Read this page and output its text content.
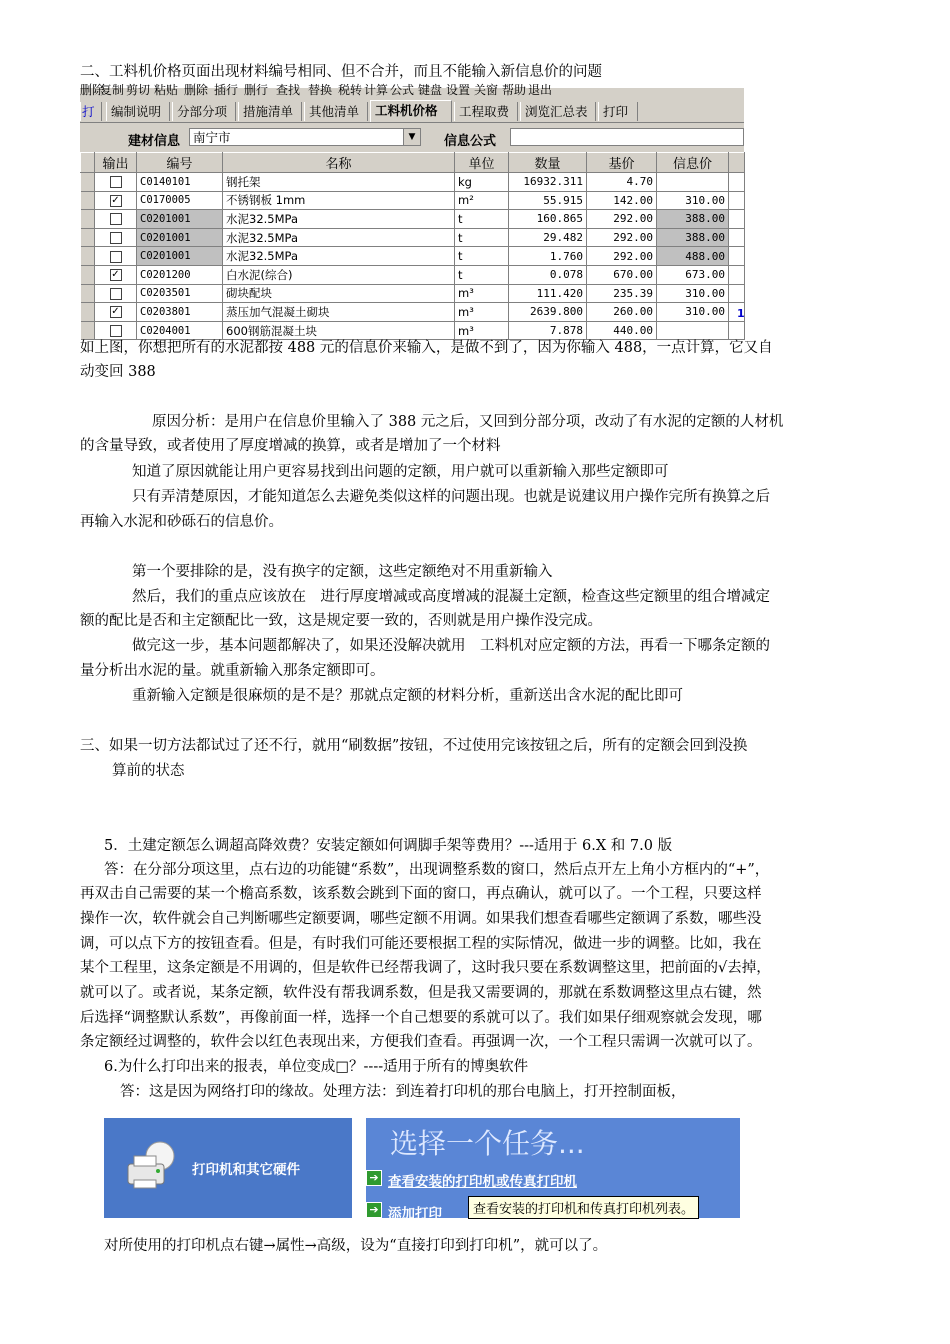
二、工料机价格页面出现材料编号相同、但不合并，而且不能输入新信息价的问题
删除
复制 剪切 粘贴 删除 插行 删行 查找 替换 税转 计算 公式 键盘 设置 关窗 帮助 退出
打	编制说明	分部分项	措施清单	其他清单	工料机价格	工程取费	浏览汇总表	打印
建材信息	南宁市	▼	信息公式
	输出	编号	名称	单位	数量	基价	信息价	
		C0140101	钢托架	kg	16932.311	4.70		
	✓	C0170005	不锈钢板 1mm	m²	55.915	142.00	310.00	
		C0201001	水泥32.5MPa	t	160.865	292.00	388.00	
		C0201001	水泥32.5MPa	t	29.482	292.00	388.00	
		C0201001	水泥32.5MPa	t	1.760	292.00	488.00	
	✓	C0201200	白水泥(综合)	t	0.078	670.00	673.00	
		C0203501	砌块配块	m³	111.420	235.39	310.00	
	✓	C0203801	蒸压加气混凝土砌块	m³	2639.800	260.00	310.00	
		C0204001	600钢筋混凝土块	m³	7.878	440.00		
1
如上图，你想把所有的水泥都按 488 元的信息价来输入，是做不到了，因为你输入 488，一点计算，它又自
动变回 388
原因分析：是用户在信息价里输入了 388 元之后，又回到分部分项，改动了有水泥的定额的人材机
的含量导致，或者使用了厚度增减的换算，或者是增加了一个材料
知道了原因就能让用户更容易找到出问题的定额，用户就可以重新输入那些定额即可
只有弄清楚原因，才能知道怎么去避免类似这样的问题出现。也就是说建议用户操作完所有换算之后
再输入水泥和砂砾石的信息价。
第一个要排除的是，没有换字的定额，这些定额绝对不用重新输入
然后，我们的重点应该放在　进行厚度增减或高度增减的混凝土定额，检查这些定额里的组合增减定
额的配比是否和主定额配比一致，这是规定要一致的，否则就是用户操作没完成。
做完这一步，基本问题都解决了，如果还没解决就用　工料机对应定额的方法，再看一下哪条定额的
量分析出水泥的量。就重新输入那条定额即可。
重新输入定额是很麻烦的是不是？那就点定额的材料分析，重新送出含水泥的配比即可
三、如果一切方法都试过了还不行，就用“刷数据”按钮，不过使用完该按钮之后，所有的定额会回到没换
算前的状态
5．土建定额怎么调超高降效费？安装定额如何调脚手架等费用？---适用于 6.X 和 7.0 版
答：在分部分项这里，点右边的功能键“系数”，出现调整系数的窗口，然后点开左上角小方框内的“+”，
再双击自己需要的某一个檐高系数，该系数会跳到下面的窗口，再点确认，就可以了。一个工程，只要这样
操作一次，软件就会自己判断哪些定额要调，哪些定额不用调。如果我们想查看哪些定额调了系数，哪些没
调，可以点下方的按钮查看。但是，有时我们可能还要根据工程的实际情况，做进一步的调整。比如，我在
某个工程里，这条定额是不用调的，但是软件已经帮我调了，这时我只要在系数调整这里，把前面的√去掉，
就可以了。或者说，某条定额，软件没有帮我调系数，但是我又需要调的，那就在系数调整这里点右键，然
后选择“调整默认系数”，再像前面一样，选择一个自己想要的系就可以了。我们如果仔细观察就会发现，哪
条定额经过调整的，软件会以红色表现出来，方便我们查看。再强调一次，一个工程只需调一次就可以了。
6.为什么打印出来的报表，单位变成□？----适用于所有的博奥软件
答：这是因为网络打印的缘故。处理方法：到连着打印机的那台电脑上，打开控制面板，
打印机和其它硬件
选择一个任务...
➔ 查看安装的打印机或传真打印机
➔ 添加打印	查看安装的打印机和传真打印机列表。
对所使用的打印机点右键→属性→高级，设为“直接打印到打印机”，就可以了。
